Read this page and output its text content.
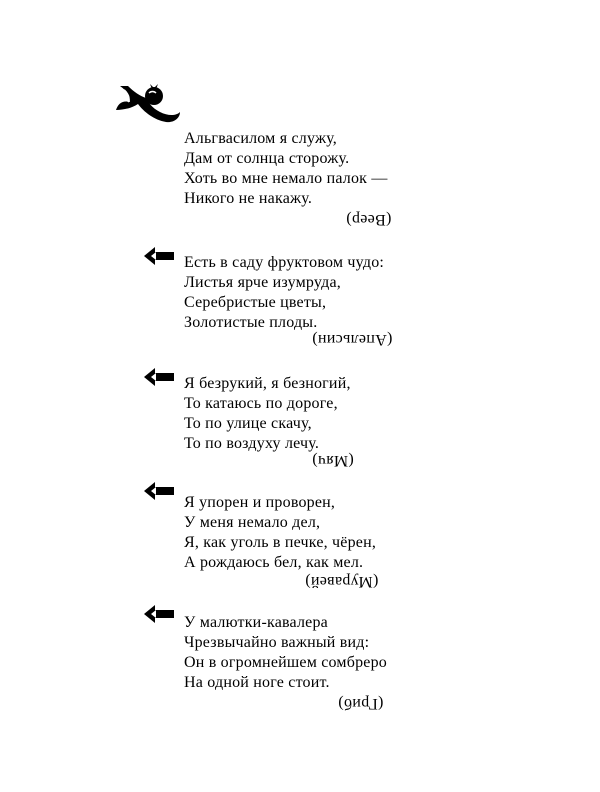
Альгвасилом я служу,
Дам от солнца сторожу.
Хоть во мне немало палок —
Никого не накажу.
(Веер)
Есть в саду фруктовом чудо:
Листья ярче изумруда,
Серебристые цветы,
Золотистые плоды.
(Апельсин)
Я безрукий, я безногий,
То катаюсь по дороге,
То по улице скачу,
То по воздуху лечу.
(Мяч)
Я упорен и проворен,
У меня немало дел,
Я, как уголь в печке, чёрен,
А рождаюсь бел, как мел.
(Муравей)
У малютки-кавалера
Чрезвычайно важный вид:
Он в огромнейшем сомбреро
На одной ноге стоит.
(Гриб)
